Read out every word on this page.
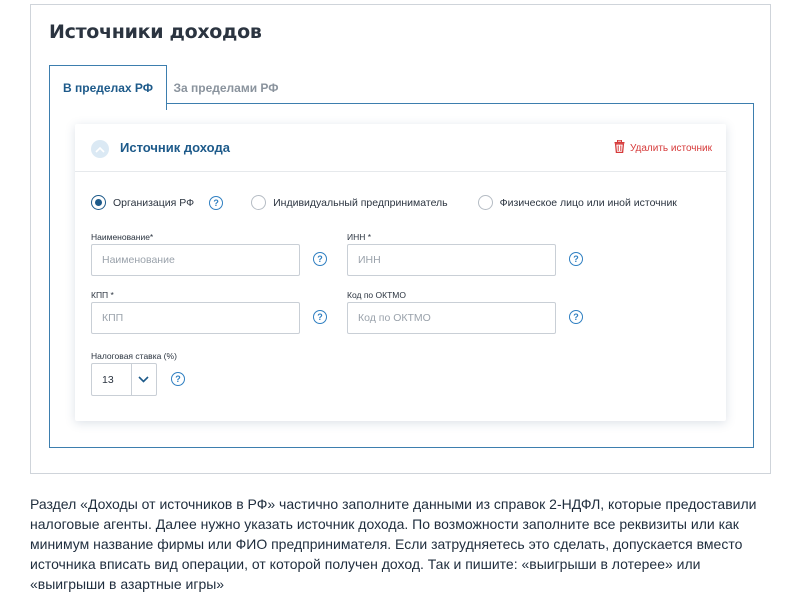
Источники доходов
В пределах РФ	За пределами РФ
Источник дохода	Удалить источник
Организация РФ	?	Индивидуальный предприниматель	Физическое лицо или иной источник
Наименование*
Наименование
?
ИНН *
ИНН
?
КПП *
КПП
?
Код по ОКТМО
Код по ОКТМО
?
Налоговая ставка (%)
13	?

Раздел «Доходы от источников в РФ» частично заполните данными из справок 2-НДФЛ, которые предоставили налоговые агенты. Далее нужно указать источник дохода. По возможности заполните все реквизиты или как минимум название фирмы или ФИО предпринимателя. Если затрудняетесь это сделать, допускается вместо источника вписать вид операции, от которой получен доход. Так и пишите: «выигрыши в лотерее» или «выигрыши в азартные игры»
